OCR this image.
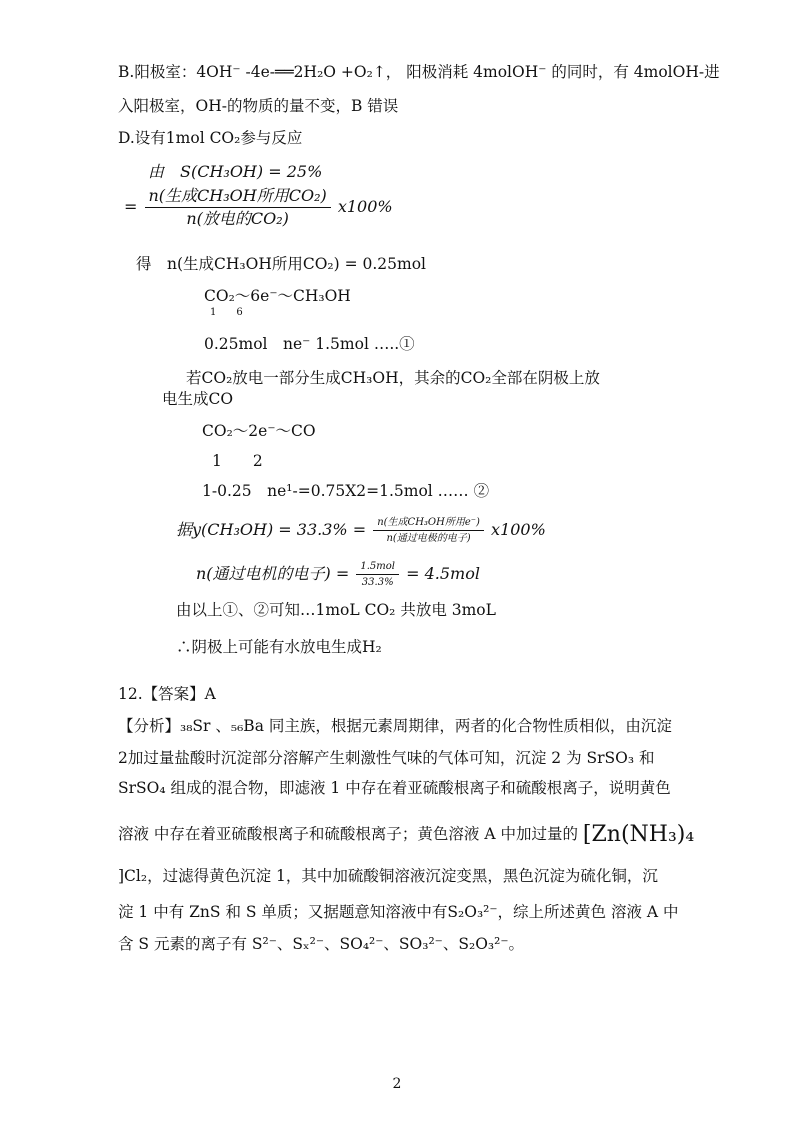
B.阳极室：4OH⁻ -4e-══2H₂O +O₂↑， 阳极消耗 4molOH⁻ 的同时，有 4molOH-进
入阳极室，OH-的物质的量不变，B 错误
D.设有1mol CO₂参与反应
由　S(CH₃OH) = 25%
= $\frac{\text{n(生成CH₃OH所用CO₂)}}{\text{n(放电的CO₂)}} x100\%$
得　n(生成CH₃OH所用CO₂) = 0.25mol
CO₂～6e⁻～CH₃OH
1　　6
0.25mol　ne⁻ 1.5mol …..①
若CO₂放电一部分生成CH₃OH，其余的CO₂全部在阴极上放
电生成CO
CO₂～2e⁻～CO
1　　2
1-0.25　ne¹-=0.75X2=1.5mol …… ②
据$y(CH_3OH) = 33.3\% = \frac{\text{n(生成CH₃OH所用e⁻)}}{\text{n(通过电极的电子)}} x100\%$
n(通过电机的电子) = $\frac{\text{1.5mol}}{33.3\%} = 4.5mol$
由以上①、②可知…1moL CO₂ 共放电 3moL
∴阴极上可能有水放电生成H₂
12.【答案】A
【分析】₃₈Sr 、₅₆Ba 同主族，根据元素周期律，两者的化合物性质相似，由沉淀
2加过量盐酸时沉淀部分溶解产生刺激性气味的气体可知，沉淀 2 为 SrSO₃ 和
SrSO₄ 组成的混合物，即滤液 1 中存在着亚硫酸根离子和硫酸根离子，说明黄色
溶液 中存在着亚硫酸根离子和硫酸根离子；黄色溶液 A 中加过量的 [Zn(NH₃)₄
]Cl₂，过滤得黄色沉淀 1，其中加硫酸铜溶液沉淀变黑，黑色沉淀为硫化铜，沉
淀 1 中有 ZnS 和 S 单质；又据题意知溶液中有S₂O₃²⁻，综上所述黄色 溶液 A 中
含 S 元素的离子有 S²⁻、Sₓ²⁻、SO₄²⁻、SO₃²⁻、S₂O₃²⁻。
2
